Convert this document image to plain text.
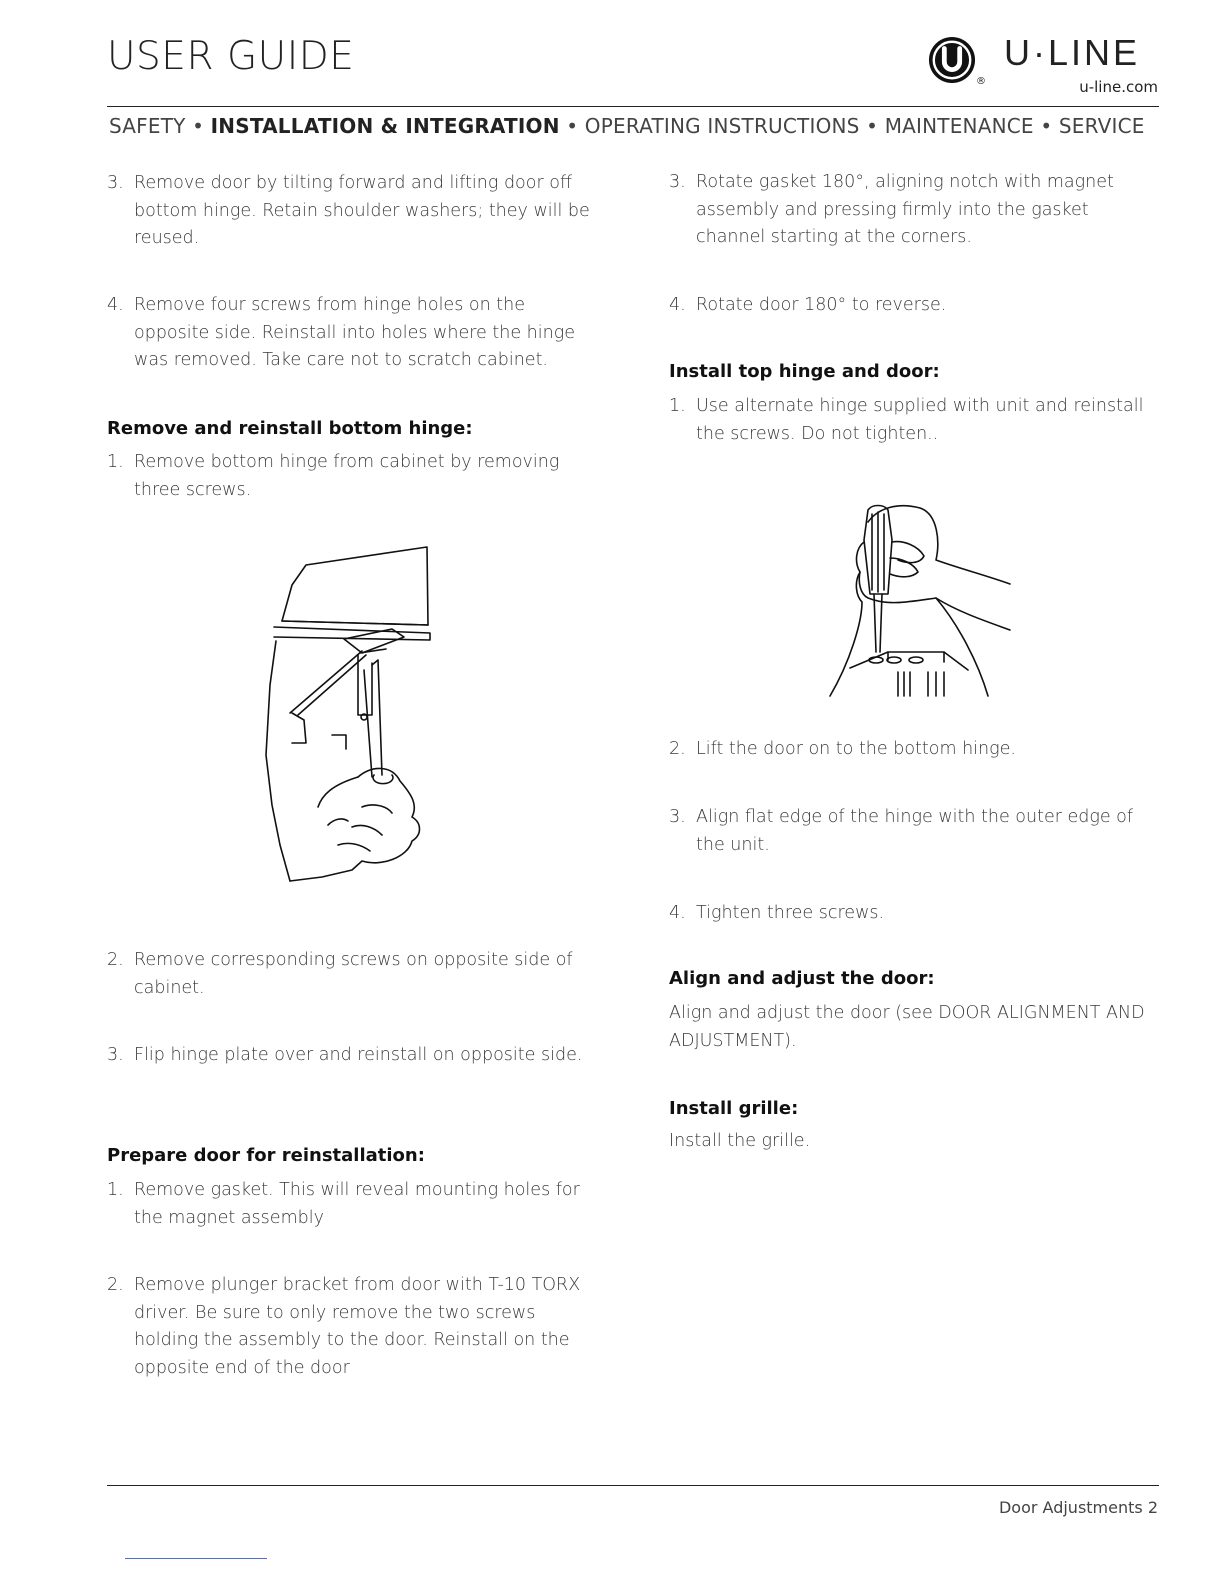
USER GUIDE
®
U·LINE
u-line.com
SAFETY • INSTALLATION & INTEGRATION • OPERATING INSTRUCTIONS • MAINTENANCE • SERVICE
3. Remove door by tilting forward and lifting door off bottom hinge. Retain shoulder washers; they will be reused.
4. Remove four screws from hinge holes on the opposite side. Reinstall into holes where the hinge was removed. Take care not to scratch cabinet.
Remove and reinstall bottom hinge:
1. Remove bottom hinge from cabinet by removing three screws.
2. Remove corresponding screws on opposite side of cabinet.
3. Flip hinge plate over and reinstall on opposite side.
Prepare door for reinstallation:
1. Remove gasket. This will reveal mounting holes for the magnet assembly
2. Remove plunger bracket from door with T-10 TORX driver. Be sure to only remove the two screws holding the assembly to the door. Reinstall on the opposite end of the door
3. Rotate gasket 180°, aligning notch with magnet assembly and pressing firmly into the gasket channel starting at the corners.
4. Rotate door 180° to reverse.
Install top hinge and door:
1. Use alternate hinge supplied with unit and reinstall the screws. Do not tighten..
2. Lift the door on to the bottom hinge.
3. Align flat edge of the hinge with the outer edge of the unit.
4. Tighten three screws.
Align and adjust the door:
Align and adjust the door (see DOOR ALIGNMENT AND ADJUSTMENT).
Install grille:
Install the grille.
Door Adjustments 2
